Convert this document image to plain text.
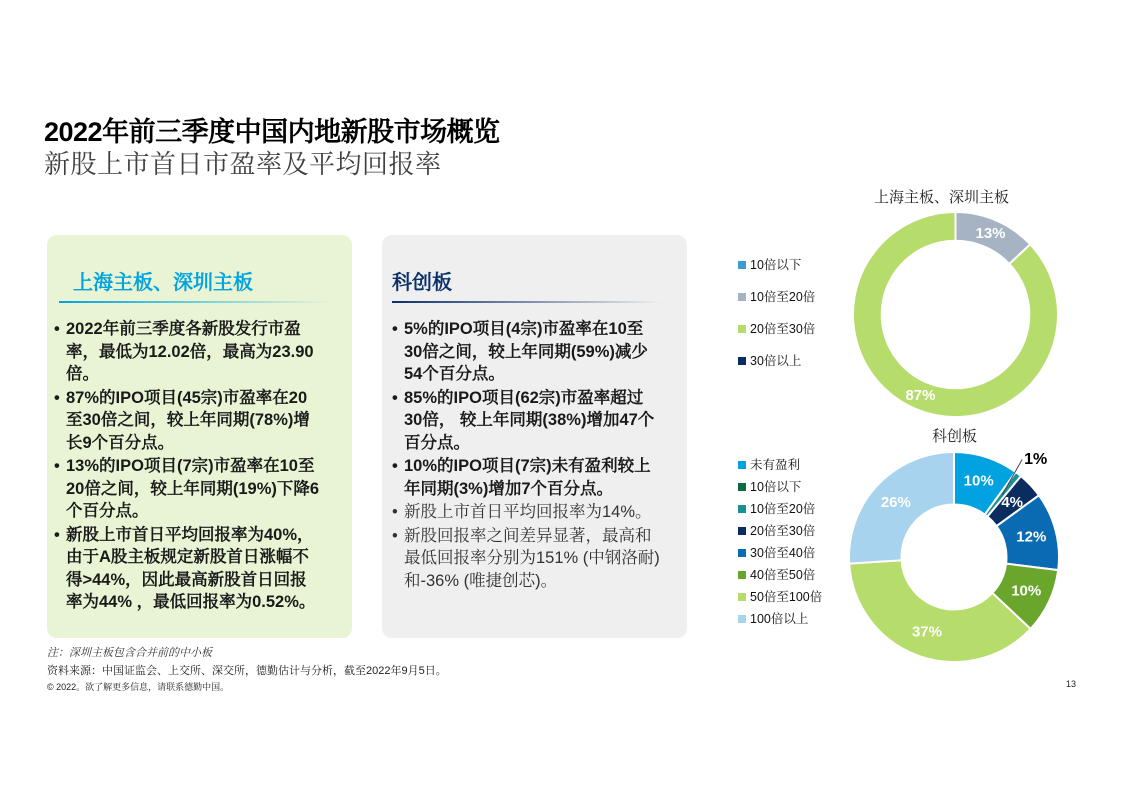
2022年前三季度中国内地新股市场概览
新股上市首日市盈率及平均回报率
上海主板、深圳主板
• 2022年前三季度各新股发行市盈率，最低为12.02倍，最高为23.90倍。
• 87%的IPO项目(45宗)市盈率在20至30倍之间，较上年同期(78%)增长9个百分点。
• 13%的IPO项目(7宗)市盈率在10至20倍之间，较上年同期(19%)下降6个百分点。
• 新股上市首日平均回报率为40%，由于A股主板规定新股首日涨幅不得>44%，因此最高新股首日回报率为44% ，最低回报率为0.52%。
科创板
• 5%的IPO项目(4宗)市盈率在10至30倍之间，较上年同期(59%)减少54个百分点。
• 85%的IPO项目(62宗)市盈率超过30倍， 较上年同期(38%)增加47个百分点。
• 10%的IPO项目(7宗)未有盈利较上年同期(3%)增加7个百分点。
• 新股上市首日平均回报率为14%。
• 新股回报率之间差异显著，最高和最低回报率分别为151% (中钢洛耐)和-36% (唯捷创芯)。
上海主板、深圳主板
10倍以下
10倍至20倍
20倍至30倍
30倍以上
13%
87%
科创板
未有盈利
10倍以下
10倍至20倍
20倍至30倍
30倍至40倍
40倍至50倍
50倍至100倍
100倍以上
10%
1%
4%
12%
10%
37%
26%
注：深圳主板包含合并前的中小板
资料来源：中国证监会、上交所、深交所，德勤估计与分析，截至2022年9月5日。
© 2022。欲了解更多信息，请联系德勤中国。	13
